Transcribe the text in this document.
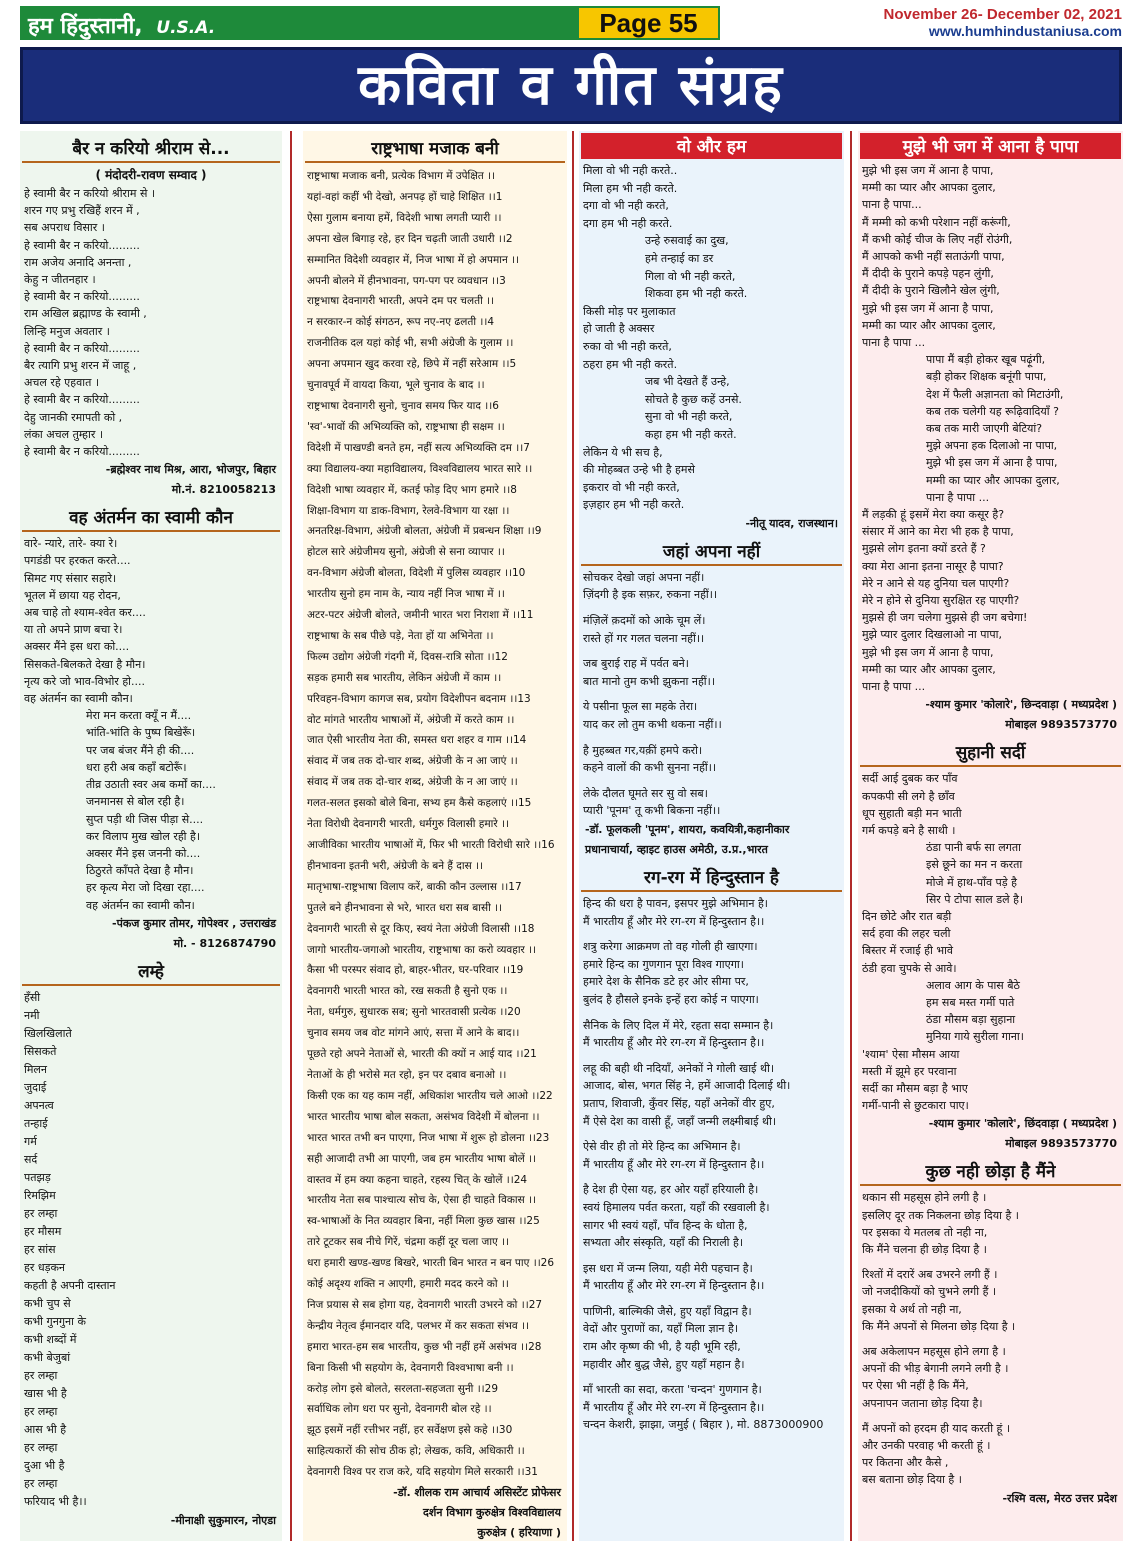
हम हिंदुस्तानी, U.S.A.	Page 55	November 26- December 02, 2021
www.humhindustaniusa.com
कविता व गीत संग्रह
बैर न करियो श्रीराम से...
( मंदोदरी-रावण सम्वाद )
हे स्वामी बैर न करियो श्रीराम से ।
शरन गए प्रभु रखिहैं शरन में ,
सब अपराध विसार ।
हे स्वामी बैर न करियो.........
राम अजेय अनादि अनन्ता ,
केहु न जीतनहार ।
हे स्वामी बैर न करियो.........
राम अखिल ब्रह्माण्ड के स्वामी ,
लिन्हि मनुज अवतार ।
हे स्वामी बैर न करियो.........
बैर त्यागि प्रभु शरन में जाहू ,
अचल रहे एहवात ।
हे स्वामी बैर न करियो.........
देहु जानकी रमापती को ,
लंका अचल तुम्हार ।
हे स्वामी बैर न करियो.........
-ब्रह्मेश्वर नाथ मिश्र, आरा, भोजपुर, बिहार
मो.नं. 8210058213
वह अंतर्मन का स्वामी कौन
वारे- न्यारे, तारे- क्या रे।
पगडंडी पर हरकत करते....
सिमट गए संसार सहारे।
भूतल में छाया यह रोदन,
अब चाहे तो श्याम-श्वेत कर....
या तो अपने प्राण बचा रे।
अक्सर मैंने इस धरा को....
सिसकते-बिलकते देखा है मौन।
नृत्य करे जो भाव-विभोर हो....
वह अंतर्मन का स्वामी कौन।
मेरा मन करता क्यूँ न मैं....
भांति-भांति के पुष्प बिखेरूँ।
पर जब बंजर मैंने ही की....
धरा हरी अब कहाँ बटोरूँ।
तीव्र उठाती स्वर अब कर्मों का....
जनमानस से बोल रही है।
सुप्त पड़ी थी जिस पीड़ा से....
कर विलाप मुख खोल रही है।
अक्सर मैंने इस जननी को....
ठिठुरते काँपते देखा है मौन।
हर कृत्य मेरा जो दिखा रहा....
वह अंतर्मन का स्वामी कौन।
-पंकज कुमार तोमर, गोपेश्वर , उत्तराखंड
मो. - 8126874790
लम्हे
हँसी
नमी
खिलखिलाते
सिसकते
मिलन
जुदाई
अपनत्व
तन्हाई
गर्म
सर्द
पतझड़
रिमझिम
हर लम्हा
हर मौसम
हर सांस
हर धड़कन
कहती है अपनी दास्तान
कभी चुप से
कभी गुनगुना के
कभी शब्दों में
कभी बेजुबां
हर लम्हा
खास भी है
हर लम्हा
आस भी है
हर लम्हा
दुआ भी है
हर लम्हा
फरियाद भी है।।
-मीनाक्षी सुकुमारन, नोएडा
राष्ट्रभाषा मजाक बनी
राष्ट्रभाषा मजाक बनी, प्रत्येक विभाग में उपेक्षित ।।
यहां-वहां कहीं भी देखो, अनपढ़ हों चाहे शिक्षित ।।1
ऐसा गुलाम बनाया हमें, विदेशी भाषा लगती प्यारी ।।
अपना खेल बिगाड़ रहे, हर दिन चढ़ती जाती उधारी ।।2
सम्मानित विदेशी व्यवहार में, निज भाषा में हो अपमान ।।
अपनी बोलने में हीनभावना, पग-पग पर व्यवधान ।।3
राष्ट्रभाषा देवनागरी भारती, अपने दम पर चलती ।।
न सरकार-न कोई संगठन, रूप नए-नए ढलती ।।4
राजनीतिक दल यहां कोई भी, सभी अंग्रेजी के गुलाम ।।
अपना अपमान खुद करवा रहे, छिपे में नहीं सरेआम ।।5
चुनावपूर्व में वायदा किया, भूले चुनाव के बाद ।।
राष्ट्रभाषा देवनागरी सुनो, चुनाव समय फिर याद ।।6
'स्व'-भावों की अभिव्यक्ति को, राष्ट्रभाषा ही सक्षम ।।
विदेशी में पाखण्डी बनते हम, नहीं सत्य अभिव्यक्ति दम ।।7
क्या विद्यालय-क्या महाविद्यालय, विश्वविद्यालय भारत सारे ।।
विदेशी भाषा व्यवहार में, कतई फोड़ दिए भाग हमारे ।।8
शिक्षा-विभाग या डाक-विभाग, रेलवे-विभाग या रक्षा ।।
अनतरिक्ष-विभाग, अंग्रेजी बोलता, अंग्रेजी में प्रबन्धन शिक्षा ।।9
होटल सारे अंग्रेजीमय सुनो, अंग्रेजी से सना व्यापार ।।
वन-विभाग अंग्रेजी बोलता, विदेशी में पुलिस व्यवहार ।।10
भारतीय सुनो हम नाम के, न्याय नहीं निज भाषा में ।।
अटर-पटर अंग्रेजी बोलते, जमीनी भारत भरा निराशा में ।।11
राष्ट्रभाषा के सब पीछे पड़े, नेता हों या अभिनेता ।।
फिल्म उद्योग अंग्रेजी गंदगी में, दिवस-रात्रि सोता ।।12
सड़क हमारी सब भारतीय, लेकिन अंग्रेजी में काम ।।
परिवहन-विभाग कागज सब, प्रयोग विदेशीपन बदनाम ।।13
वोट मांगते भारतीय भाषाओं में, अंग्रेजी में करते काम ।।
जात ऐसी भारतीय नेता की, समस्त धरा शहर व गाम ।।14
संवाद में जब तक दो-चार शब्द, अंग्रेजी के न आ जाएं ।।
संवाद में जब तक दो-चार शब्द, अंग्रेजी के न आ जाएं ।।
गलत-सलत इसको बोले बिना, सभ्य हम कैसे कहलाएं ।।15
नेता विरोधी देवनागरी भारती, धर्मगुरु विलासी हमारे ।।
आजीविका भारतीय भाषाओं में, फिर भी भारती विरोधी सारे ।।16
हीनभावना इतनी भरी, अंग्रेजी के बने हैं दास ।।
मातृभाषा-राष्ट्रभाषा विलाप करें, बाकी कौन उल्लास ।।17
पुतले बने हीनभावना से भरे, भारत धरा सब बासी ।।
देवनागरी भारती से दूर किए, स्वयं नेता अंग्रेजी विलासी ।।18
जागो भारतीय-जगाओ भारतीय, राष्ट्रभाषा का करो व्यवहार ।।
कैसा भी परस्पर संवाद हो, बाहर-भीतर, घर-परिवार ।।19
देवनागरी भारती भारत को, रख सकती है सुनो एक ।।
नेता, धर्मगुरु, सुधारक सब; सुनो भारतवासी प्रत्येक ।।20
चुनाव समय जब वोट मांगने आएं, सत्ता में आने के बाद।।
पूछते रहो अपने नेताओं से, भारती की क्यों न आई याद ।।21
नेताओं के ही भरोसे मत रहो, इन पर दबाव बनाओ ।।
किसी एक का यह काम नहीं, अधिकांश भारतीय चले आओ ।।22
भारत भारतीय भाषा बोल सकता, असंभव विदेशी में बोलना ।।
भारत भारत तभी बन पाएगा, निज भाषा में शुरू हो डोलना ।।23
सही आजादी तभी आ पाएगी, जब हम भारतीय भाषा बोलें ।।
वास्तव में हम क्या कहना चाहते, रहस्य चित् के खोलें ।।24
भारतीय नेता सब पाश्चात्य सोच के, ऐसा ही चाहते विकास ।।
स्व-भाषाओं के नित व्यवहार बिना, नहीं मिला कुछ खास ।।25
तारे टूटकर सब नीचे गिरें, चंद्रमा कहीं दूर चला जाए ।।
धरा हमारी खण्ड-खण्ड बिखरे, भारती बिन भारत न बन पाए ।।26
कोई अदृश्य शक्ति न आएगी, हमारी मदद करने को ।।
निज प्रयास से सब होगा यह, देवनागरी भारती उभरने को ।।27
केन्द्रीय नेतृत्व ईमानदार यदि, पलभर में कर सकता संभव ।।
हमारा भारत-हम सब भारतीय, कुछ भी नहीं हमें असंभव ।।28
बिना किसी भी सहयोग के, देवनागरी विश्वभाषा बनी ।।
करोड़ लोग इसे बोलते, सरलता-सहजता सुनी ।।29
सर्वाधिक लोग धरा पर सुनो, देवनागरी बोल रहे ।।
झूठ इसमें नहीं रत्तीभर नहीं, हर सर्वेक्षण इसे कहे ।।30
साहित्यकारों की सोच ठीक हो; लेखक, कवि, अधिकारी ।।
देवनागरी विश्व पर राज करे, यदि सहयोग मिले सरकारी ।।31
-डॉ. शीलक राम आचार्य असिस्टेंट प्रोफेसर
दर्शन विभाग कुरुक्षेत्र विश्वविद्यालय
कुरुक्षेत्र ( हरियाणा )
वो और हम
मिला वो भी नही करते..
मिला हम भी नही करते.
दगा वो भी नही करते,
दगा हम भी नही करते.
उन्हे रुसवाई का दुख,
हमे तन्हाई का डर
गिला वो भी नही करते,
शिकवा हम भी नही करते.
किसी मोड़ पर मुलाकात
हो जाती है अक्सर
रुका वो भी नही करते,
ठहरा हम भी नही करते.
जब भी देखते हैं उन्हे,
सोचते है कुछ कहें उनसे.
सुना वो भी नही करते,
कहा हम भी नही करते.
लेकिन ये भी सच है,
की मोहब्बत उन्हे भी है हमसे
इकरार वो भी नही करते,
इज़हार हम भी नही करते.
-नीतू यादव, राजस्थान।
जहां अपना नहीं
सोचकर देखो जहां अपना नहीं।
ज़िंदगी है इक सफ़र, रुकना नहीं।।
मंज़िलें क़दमों को आके चूम लें।
रास्ते हों गर गलत चलना नहीं।।
जब बुराई राह में पर्वत बने।
बात मानो तुम कभी झुकना नहीं।।
ये पसीना फूल सा महके तेरा।
याद कर लो तुम कभी थकना नहीं।।
है मुहब्बत गर,यक़ीं हमपे करो।
कहने वालों की कभी सुनना नहीं।।
लेके दौलत घूमते सर सु वो सब।
प्यारी 'पूनम' तू कभी बिकना नहीं।।
-डॉ. फूलकली 'पूनम', शायरा, कवयित्री,कहानीकार
प्रधानाचार्या, व्हाइट हाउस अमेठी, उ.प्र.,भारत
रग-रग में हिन्दुस्तान है
हिन्द की धरा है पावन, इसपर मुझे अभिमान है।
मैं भारतीय हूँ और मेरे रग-रग में हिन्दुस्तान है।।
शत्रु करेगा आक्रमण तो वह गोली ही खाएगा।
हमारे हिन्द का गुणगान पूरा विश्व गाएगा।
हमारे देश के सैनिक डटे हर ओर सीमा पर,
बुलंद है हौसले इनके इन्हें हरा कोई न पाएगा।
सैनिक के लिए दिल में मेरे, रहता सदा सम्मान है।
मैं भारतीय हूँ और मेरे रग-रग में हिन्दुस्तान है।।
लहू की बही थी नदियाँ, अनेकों ने गोली खाई थी।
आजाद, बोस, भगत सिंह ने, हमें आजादी दिलाई थी।
प्रताप, शिवाजी, कुँवर सिंह, यहाँ अनेकों वीर हुए,
मैं ऐसे देश का वासी हूँ, जहाँ जन्मी लक्ष्मीबाई थी।
ऐसे वीर ही तो मेरे हिन्द का अभिमान है।
मैं भारतीय हूँ और मेरे रग-रग में हिन्दुस्तान है।।
है देश ही ऐसा यह, हर ओर यहाँ हरियाली है।
स्वयं हिमालय पर्वत करता, यहाँ की रखवाली है।
सागर भी स्वयं यहाँ, पाँव हिन्द के धोता है,
सभ्यता और संस्कृति, यहाँ की निराली है।
इस धरा में जन्म लिया, यही मेरी पहचान है।
मैं भारतीय हूँ और मेरे रग-रग में हिन्दुस्तान है।।
पाणिनी, बाल्मिकी जैसे, हुए यहाँ विद्वान है।
वेदों और पुराणों का, यहाँ मिला ज्ञान है।
राम और कृष्ण की भी, है यही भूमि रही,
महावीर और बुद्ध जैसे, हुए यहाँ महान है।
माँ भारती का सदा, करता 'चन्दन' गुणगान है।
मैं भारतीय हूँ और मेरे रग-रग में हिन्दुस्तान है।।
चन्दन केशरी, झाझा, जमुई ( बिहार ), मो. 8873000900
मुझे भी जग में आना है पापा
मुझे भी इस जग में आना है पापा,
मम्मी का प्यार और आपका दुलार,
पाना है पापा...
मैं मम्मी को कभी परेशान नहीं करूंगी,
मैं कभी कोई चीज के लिए नहीं रोउंगी,
मैं आपको कभी नहीं सताऊंगी पापा,
मैं दीदी के पुराने कपड़े पहन लुंगी,
मैं दीदी के पुराने खिलौने खेल लुंगी,
मुझे भी इस जग में आना है पापा,
मम्मी का प्यार और आपका दुलार,
पाना है पापा ...
पापा मैं बड़ी होकर खूब पढ़ूंगी,
बड़ी होकर शिक्षक बनूंगी पापा,
देश में फैली अज्ञानता को मिटाउंगी,
कब तक चलेगी यह रूढ़िवादियाँ ?
कब तक मारी जाएगी बेटियां?
मुझे अपना हक दिलाओ ना पापा,
मुझे भी इस जग में आना है पापा,
मम्मी का प्यार और आपका दुलार,
पाना है पापा ...
मैं लड़की हूं इसमें मेरा क्या कसूर है?
संसार में आने का मेरा भी हक है पापा,
मुझसे लोग इतना क्यों डरते हैं ?
क्या मेरा आना इतना नासूर है पापा?
मेरे न आने से यह दुनिया चल पाएगी?
मेरे न होने से दुनिया सुरक्षित रह पाएगी?
मुझसे ही जग चलेगा मुझसे ही जग बचेगा!
मुझे प्यार दुलार दिखलाओ ना पापा,
मुझे भी इस जग में आना है पापा,
मम्मी का प्यार और आपका दुलार,
पाना है पापा ...
-श्याम कुमार 'कोलारे', छिन्दवाड़ा ( मध्यप्रदेश )
मोबाइल 9893573770
सुहानी सर्दी
सर्दी आई दुबक कर पाँव
कपकपी सी लगे है छाँव
धूप सुहाती बड़ी मन भाती
गर्म कपड़े बने है साथी ।
ठंडा पानी बर्फ सा लगता
इसे छूने का मन न करता
मोजे में हाथ-पाँव पड़े है
सिर पे टोपा साल डले है।
दिन छोटे और रात बड़ी
सर्द हवा की लहर चली
बिस्तर में रजाई ही भावे
ठंडी हवा चुपके से आवे।
अलाव आग के पास बैठे
हम सब मस्त गर्मी पाते
ठंडा मौसम बड़ा सुहाना
मुनिया गाये सुरीला गाना।
'श्याम' ऐसा मौसम आया
मस्ती में झूमे हर परवाना
सर्दी का मौसम बड़ा है भाए
गर्मी-पानी से छुटकारा पाए।
-श्याम कुमार 'कोलारे', छिंदवाड़ा ( मध्यप्रदेश )
मोबाइल 9893573770
कुछ नही छोड़ा है मैंने
थकान सी महसूस होने लगी है ।
इसलिए दूर तक निकलना छोड़ दिया है ।
पर इसका ये मतलब तो नही ना,
कि मैंने चलना ही छोड़ दिया है ।
रिश्तों में दरारें अब उभरने लगी हैं ।
जो नजदीकियों को चुभने लगी हैं ।
इसका ये अर्थ तो नही ना,
कि मैंने अपनों से मिलना छोड़ दिया है ।
अब अकेलापन महसूस होने लगा है ।
अपनों की भीड़ बेगानी लगने लगी है ।
पर ऐसा भी नहीं है कि मैंने,
अपनापन जताना छोड़ दिया है।
मैं अपनों को हरदम ही याद करती हूं ।
और उनकी परवाह भी करती हूं ।
पर कितना और कैसे ,
बस बताना छोड़ दिया है ।
-रश्मि वत्स, मेरठ उत्तर प्रदेश
